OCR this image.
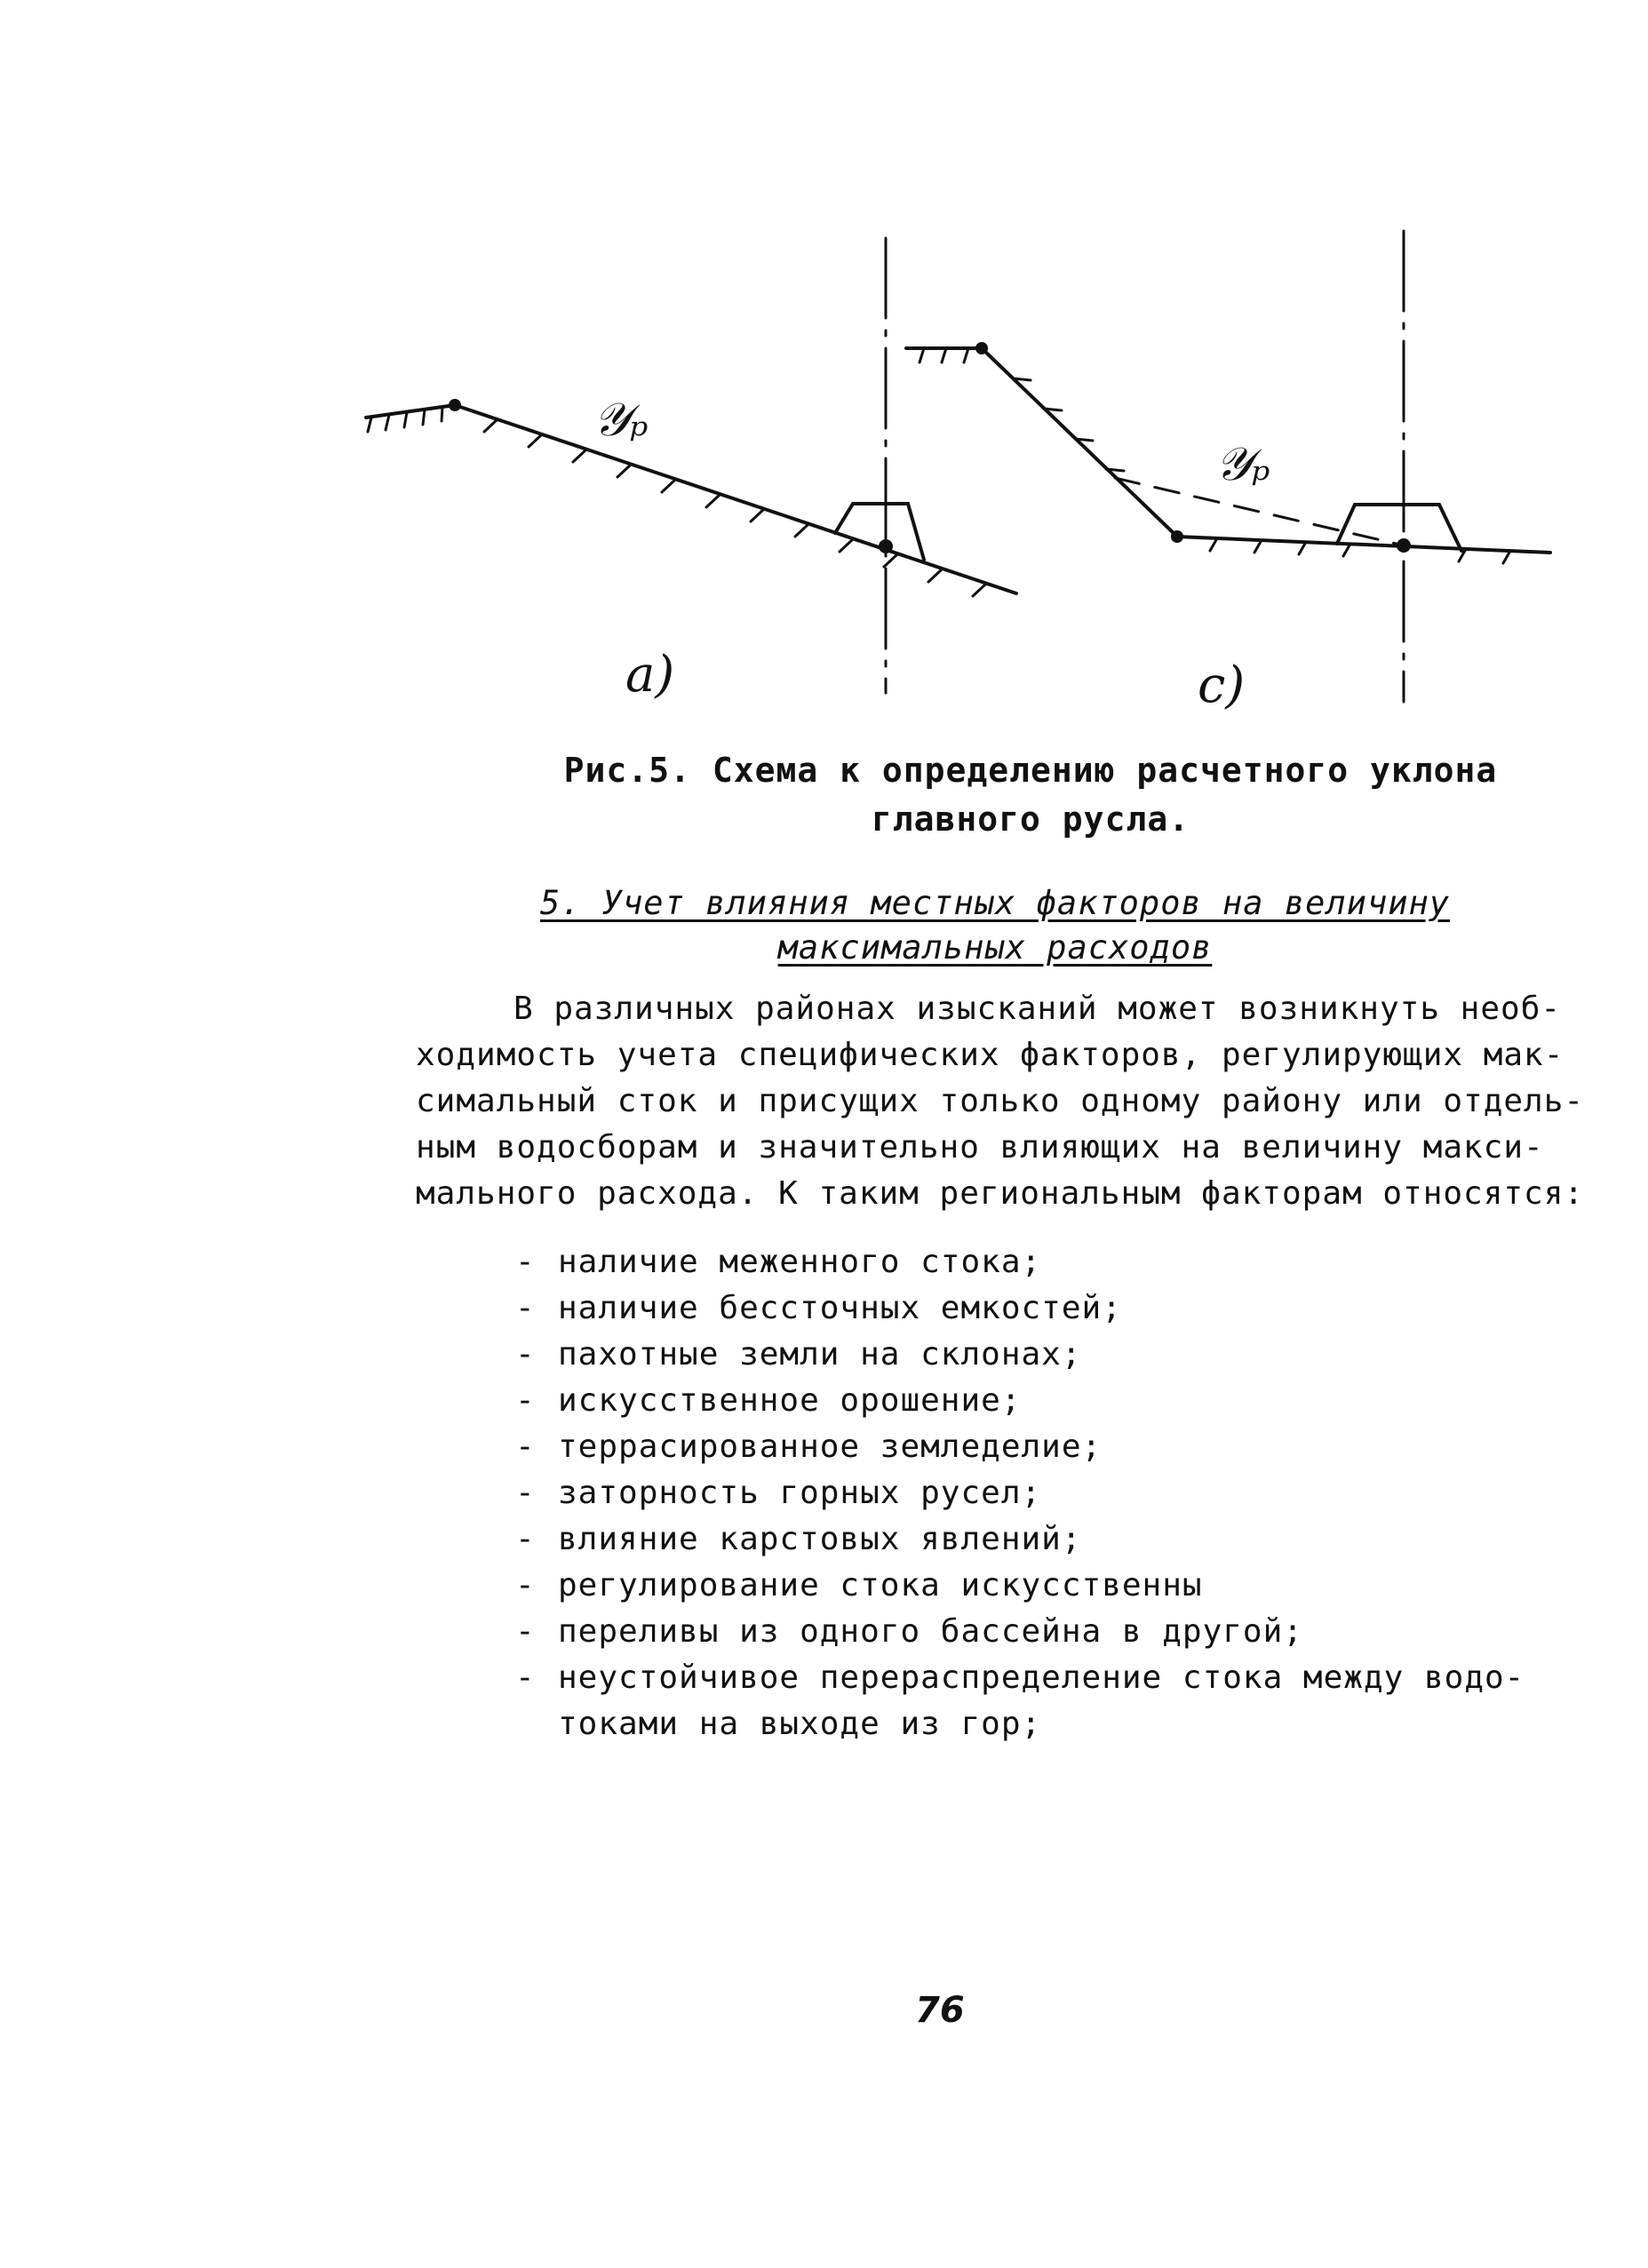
𝒴ₚ
a)
𝒴ₚ
c)
Рис.5. Схема к определению расчетного уклона
главного русла.
5. Учет влияния местных факторов на величину
максимальных расходов
В различных районах изысканий может возникнуть необ-
ходимость учета специфических факторов, регулирующих мак-
симальный сток и присущих только одному району или отдель-
ным водосборам и значительно влияющих на величину макси-
мального расхода. К таким региональным факторам относятся:
- наличие меженного стока;
- наличие бессточных емкостей;
- пахотные земли на склонах;
- искусственное орошение;
- террасированное земледелие;
- заторность горных русел;
- влияние карстовых явлений;
- регулирование стока искусственны
- переливы из одного бассейна в другой;
- неустойчивое перераспределение стока между водо-
токами на выходе из гор;
76
